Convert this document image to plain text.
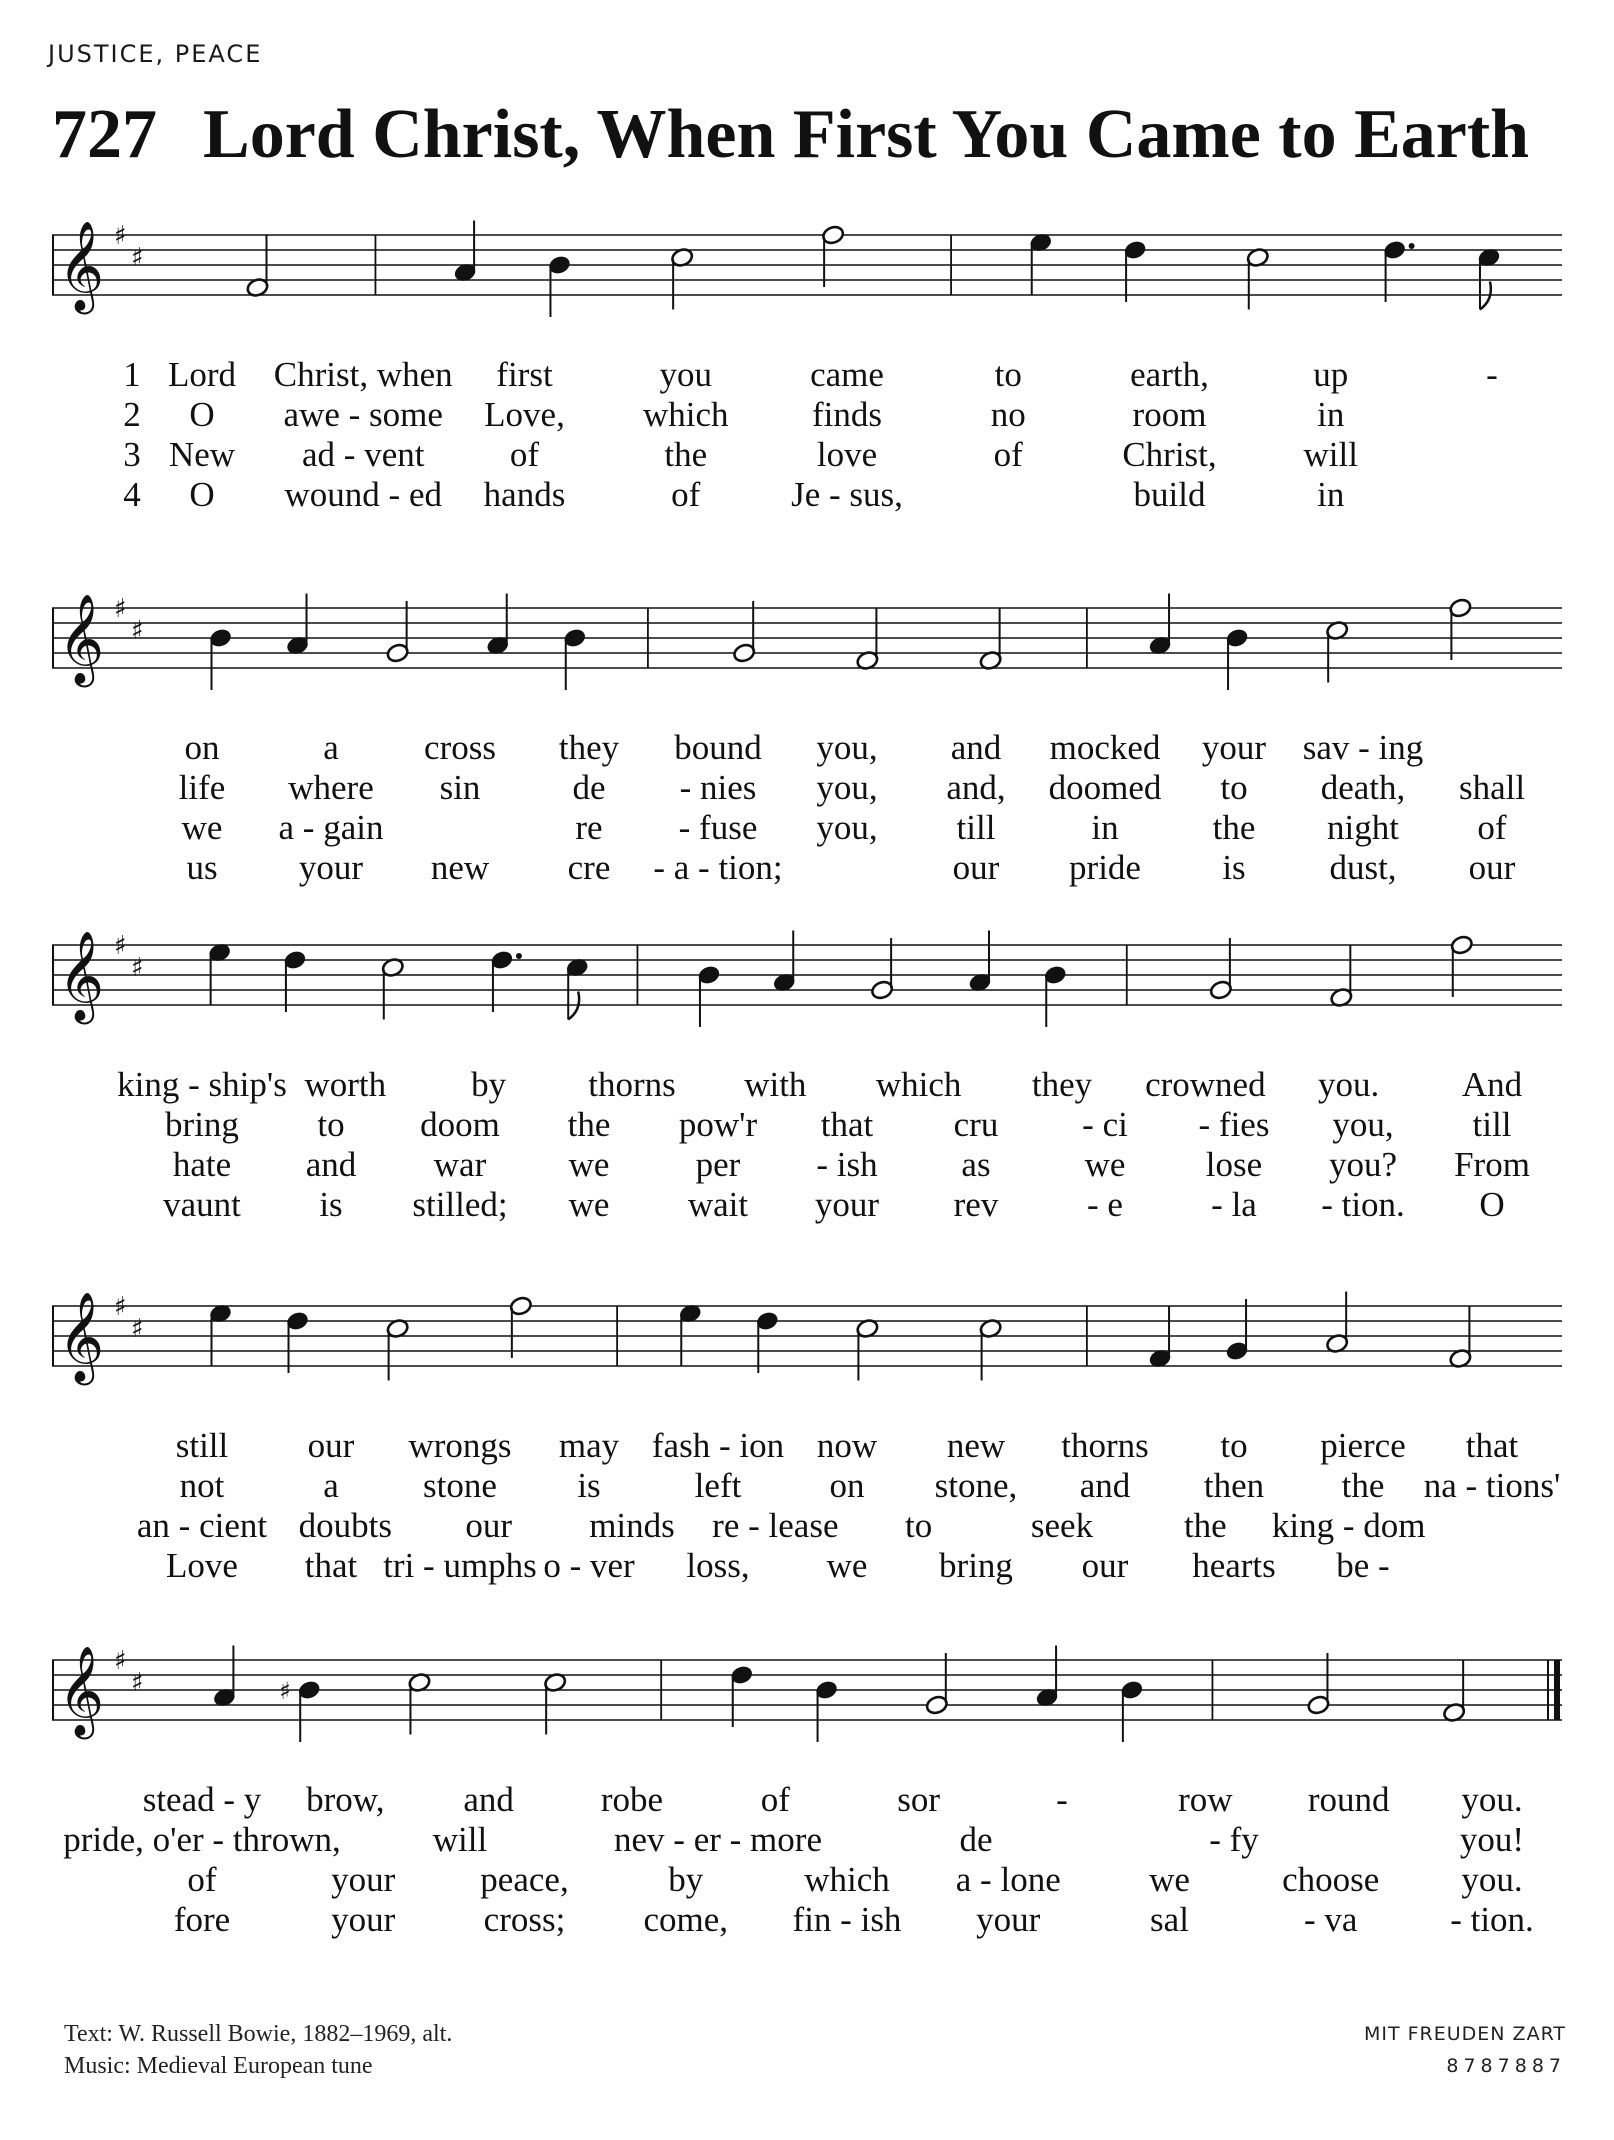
JUSTICE, PEACE
727 Lord Christ, When First You Came to Earth
𝄞 ♯
♯
1 Lord Christ, when first	you	came	to	earth,	up	-
2 O awe - some Love, which finds	no	room	in
3 New ad - vent of	the	love	of	Christ, will
4 O wound - ed hands	of	Je - sus,	build	in
𝄞 ♯
♯
on	a cross they bound you, and mocked your sav - ing
life where sin	de - nies you, and, doomed to death, shall
we a - gain	re - fuse you, till	in	the night of
us your new cre - a - tion;	our pride is dust, our
𝄞 ♯
♯
king - ship's worth by thorns with which they crowned you. And
bring to doom the pow'r that cru - ci - fies you, till
hate and war we per - ish as	we lose you? From
vaunt is stilled; we wait your rev	- e	- la - tion. O
𝄞 ♯
♯
still our wrongs may fash - ion now new thorns to pierce that
not	a stone is	left	on stone, and then the na - tions'
an - cient doubts our minds re - lease to	seek	the king - dom
Love that tri - umphs o - ver loss, we bring our hearts be -
𝄞 ♯
♯	♯
stead - y brow, and robe	of	sor	-	row round you.
pride, o'er - thrown,	will	nev - er - more	de	- fy	you!
of	your peace,	by	which a - lone	we	choose you.
fore	your	cross; come, fin - ish your	sal	- va	- tion.
Text: W. Russell Bowie, 1882–1969, alt.
Music: Medieval European tune
MIT FREUDEN ZART
8787887
